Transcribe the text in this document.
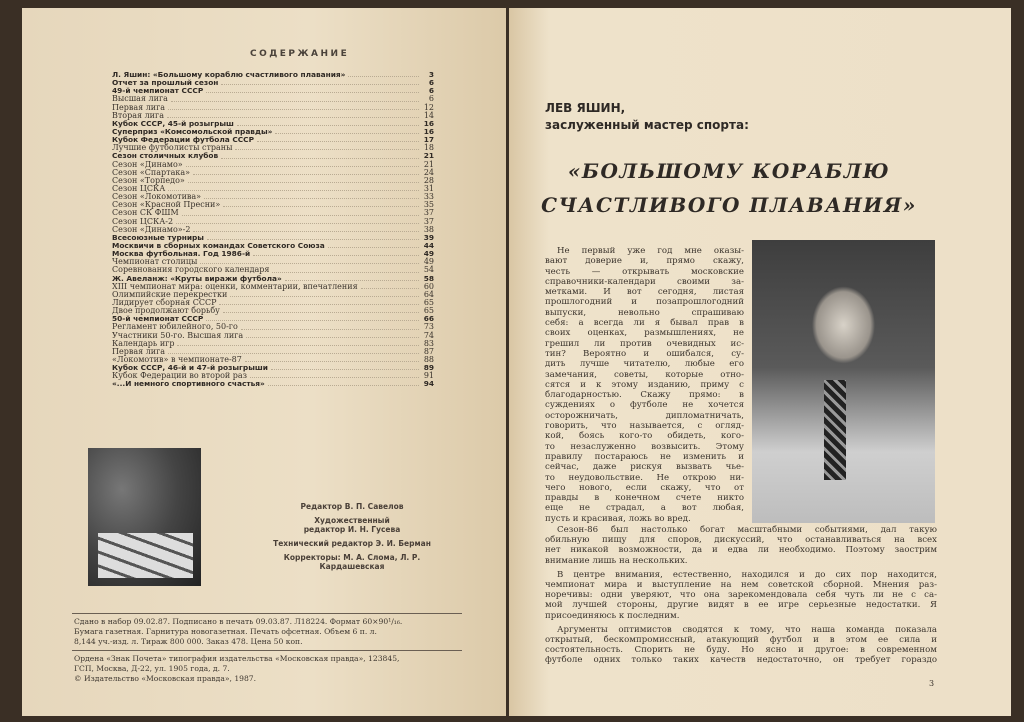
СОДЕРЖАНИЕ
Л. Яшин: «Большому кораблю счастливого плавания»	3
Отчет за прошлый сезон	6
49-й чемпионат СССР	6
Высшая лига	6
Первая лига	12
Вторая лига	14
Кубок СССР, 45-й розыгрыш	16
Суперприз «Комсомольской правды»	16
Кубок Федерации футбола СССР	17
Лучшие футболисты страны	18
Сезон столичных клубов	21
Сезон «Динамо»	21
Сезон «Спартака»	24
Сезон «Торпедо»	28
Сезон ЦСКА	31
Сезон «Локомотива»	33
Сезон «Красной Пресни»	35
Сезон СК ФШМ	37
Сезон ЦСКА-2	37
Сезон «Динамо»-2	38
Всесоюзные турниры	39
Москвичи в сборных командах Советского Союза	44
Москва футбольная. Год 1986-й	49
Чемпионат столицы	49
Соревнования городского календаря	54
Ж. Авеланж: «Круты виражи футбола»	58
XIII чемпионат мира: оценки, комментарии, впечатления	60
Олимпийские перекрестки	64
Лидирует сборная СССР	65
Двое продолжают борьбу	65
50-й чемпионат СССР	66
Регламент юбилейного, 50-го	73
Участники 50-го. Высшая лига	74
Календарь игр	83
Первая лига	87
«Локомотив» в чемпионате-87	88
Кубок СССР, 46-й и 47-й розыгрыши	89
Кубок Федерации во второй раз	91
«...И немного спортивного счастья»	94
Редактор В. П. Савелов
Художественный
редактор И. Н. Гусева
Технический редактор Э. И. Берман
Корректоры: М. А. Слома, Л. Р. Кардашевская
Сдано в набор 09.02.87. Подписано в печать 09.03.87. Л18224. Формат 60×90¹/₁₆.
Бумага газетная. Гарнитура новогазетная. Печать офсетная. Объем 6 п. л.
8,144 уч.-изд. л. Тираж 800 000. Заказ 478. Цена 50 коп.
Ордена «Знак Почета» типография издательства «Московская правда», 123845,
ГСП, Москва, Д-22, ул. 1905 года, д. 7.
© Издательство «Московская правда», 1987.
ЛЕВ ЯШИН,
заслуженный мастер спорта:
«БОЛЬШОМУ КОРАБЛЮ
СЧАСТЛИВОГО ПЛАВАНИЯ»
Не первый уже год мне оказы-
вают доверие и, прямо скажу,
честь — открывать московские
справочники-календари своими за-
метками. И вот сегодня, листая
прошлогодний и позапрошлогодний
выпуски, невольно спрашиваю
себя: а всегда ли я бывал прав в
своих оценках, размышлениях, не
грешил ли против очевидных ис-
тин? Вероятно и ошибался, су-
дить лучше читателю, любые его
замечания, советы, которые отно-
сятся и к этому изданию, приму с
благодарностью. Скажу прямо: в
суждениях о футболе не хочется
осторожничать, дипломатничать,
говорить, что называется, с огляд-
кой, боясь кого-то обидеть, кого-
то незаслуженно возвысить. Этому
правилу постараюсь не изменить и
сейчас, даже рискуя вызвать чье-
то неудовольствие. Не открою ни-
чего нового, если скажу, что от
правды в конечном счете никто
еще не страдал, а вот любая,
пусть и красивая, ложь во вред.
Сезон-86 был настолько богат масштабными событиями, дал такую
обильную пищу для споров, дискуссий, что останавливаться на всех
нет никакой возможности, да и едва ли необходимо. Поэтому заострим
внимание лишь на нескольких.
В центре внимания, естественно, находился и до сих пор находится,
чемпионат мира и выступление на нем советской сборной. Мнения раз-
норечивы: одни уверяют, что она зарекомендовала себя чуть ли не с са-
мой лучшей стороны, другие видят в ее игре серьезные недостатки. Я
присоединяюсь к последним.
Аргументы оптимистов сводятся к тому, что наша команда показала
открытый, бескомпромиссный, атакующий футбол и в этом ее сила и
состоятельность. Спорить не буду. Но ясно и другое: в современном
футболе одних только таких качеств недостаточно, он требует гораздо
3
